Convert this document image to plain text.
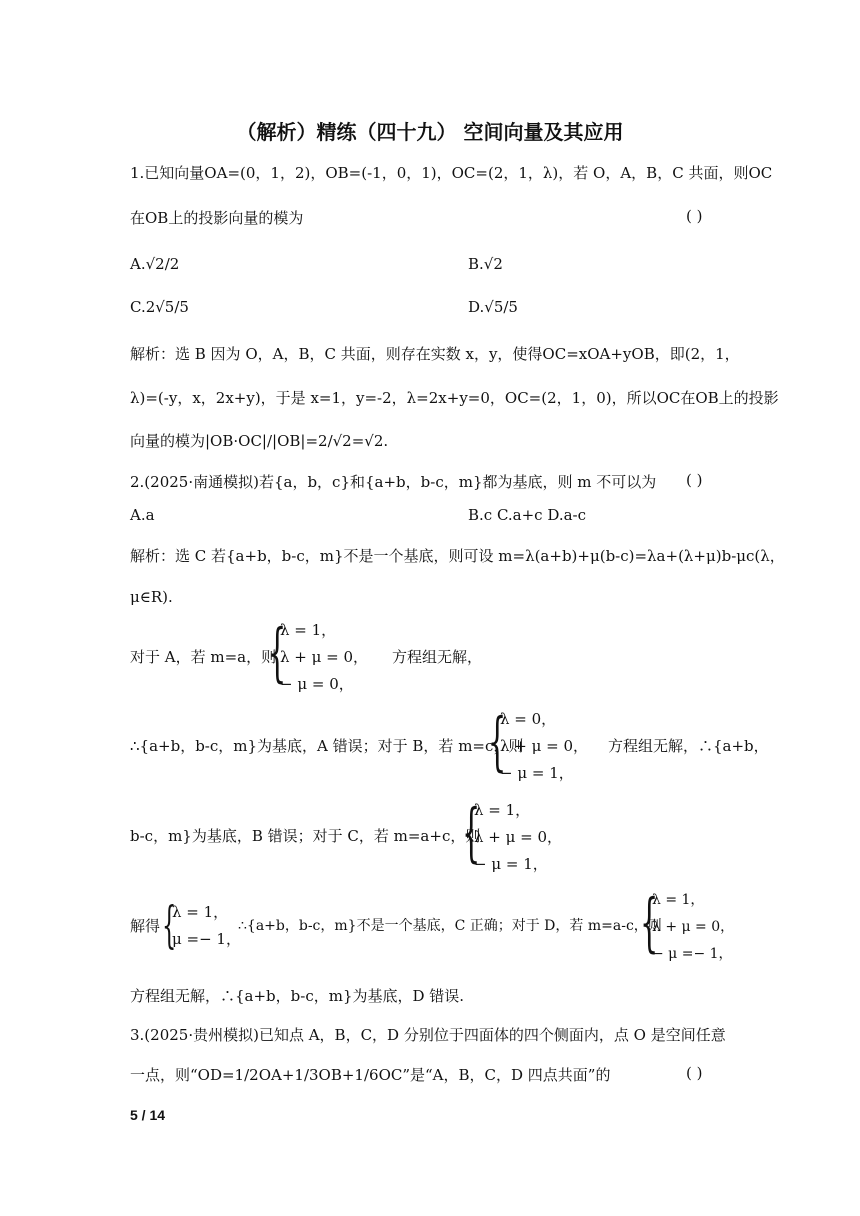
（解析）精练（四十九） 空间向量及其应用
1.已知向量OA=(0，1，2)，OB=(-1，0，1)，OC=(2，1，λ)，若 O，A，B，C 共面，则OC
在OB上的投影向量的模为	( )
A.√2/2	B.√2
C.2√5/5	D.√5/5
解析：选 B 因为 O，A，B，C 共面，则存在实数 x，y，使得OC=xOA+yOB，即(2，1，
λ)=(-y，x，2x+y)，于是 x=1，y=-2，λ=2x+y=0，OC=(2，1，0)，所以OC在OB上的投影
向量的模为|OB·OC|/|OB|=2/√2=√2.
2.(2025·南通模拟)若{a，b，c}和{a+b，b-c，m}都为基底，则 m 不可以为 ( )
A.a	B.c C.a+c D.a-c
解析：选 C 若{a+b，b-c，m}不是一个基底，则可设 m=λ(a+b)+μ(b-c)=λa+(λ+μ)b-μc(λ，
μ∈R).
对于 A，若 m=a，则
{
λ = 1，
λ + μ = 0，
− μ = 0，
方程组无解，
∴{a+b，b-c，m}为基底，A 错误；对于 B，若 m=c，则
{
λ = 0，
λ + μ = 0，
− μ = 1，
方程组无解，∴{a+b，
b-c，m}为基底，B 错误；对于 C，若 m=a+c，则
{
λ = 1，
λ + μ = 0，
− μ = 1，
解得 {
λ = 1，
μ =− 1，
∴{a+b，b-c，m}不是一个基底，C 正确；对于 D，若 m=a-c，则
{
λ = 1，
λ + μ = 0，
− μ =− 1，
方程组无解，∴{a+b，b-c，m}为基底，D 错误.
3.(2025·贵州模拟)已知点 A，B，C，D 分别位于四面体的四个侧面内，点 O 是空间任意
一点，则“OD=1/2OA+1/3OB+1/6OC”是“A，B，C，D 四点共面”的	( )
5 / 14
